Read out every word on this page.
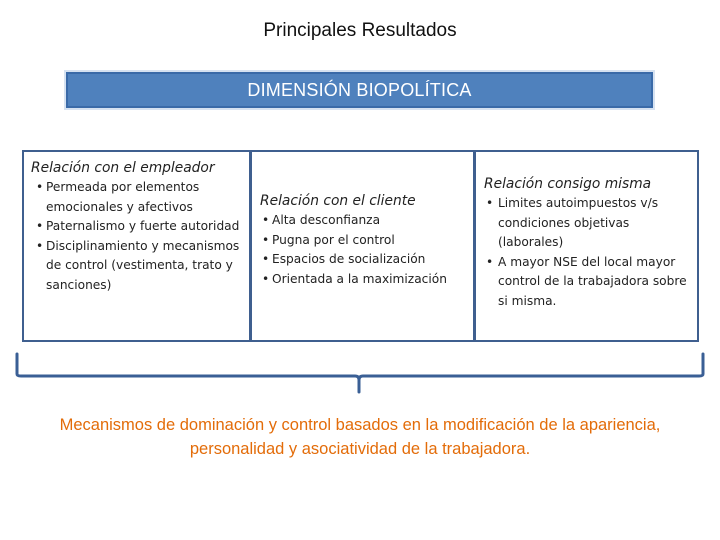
Principales Resultados
DIMENSIÓN BIOPOLÍTICA
Relación con el empleador
• Permeada por elementos emocionales y afectivos
• Paternalismo y fuerte autoridad
• Disciplinamiento y mecanismos de control (vestimenta, trato y sanciones)
Relación con el cliente
• Alta desconfianza
• Pugna por el control
• Espacios de socialización
• Orientada a la maximización
Relación consigo misma
• Limites autoimpuestos v/s condiciones objetivas (laborales)
• A mayor NSE del local mayor control de la trabajadora sobre si misma.
Mecanismos de dominación y control basados en la modificación de la apariencia, personalidad y asociatividad de la trabajadora.
